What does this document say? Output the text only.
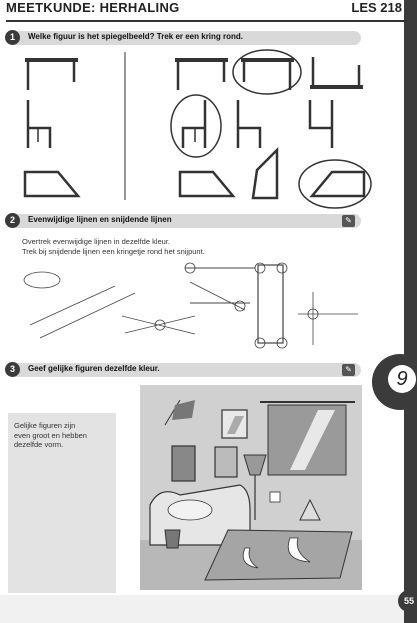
MEETKUNDE: HERHALING	LES 218
1	Welke figuur is het spiegelbeeld? Trek er een kring rond.
2	Evenwijdige lijnen en snijdende lijnen	✎
Overtrek evenwijdige lijnen in dezelfde kleur.
Trek bij snijdende lijnen een kringetje rond het snijpunt.
3	Geef gelijke figuren dezelfde kleur.	✎
Gelijke figuren zijn
even groot en hebben
dezelfde vorm.
9
55
